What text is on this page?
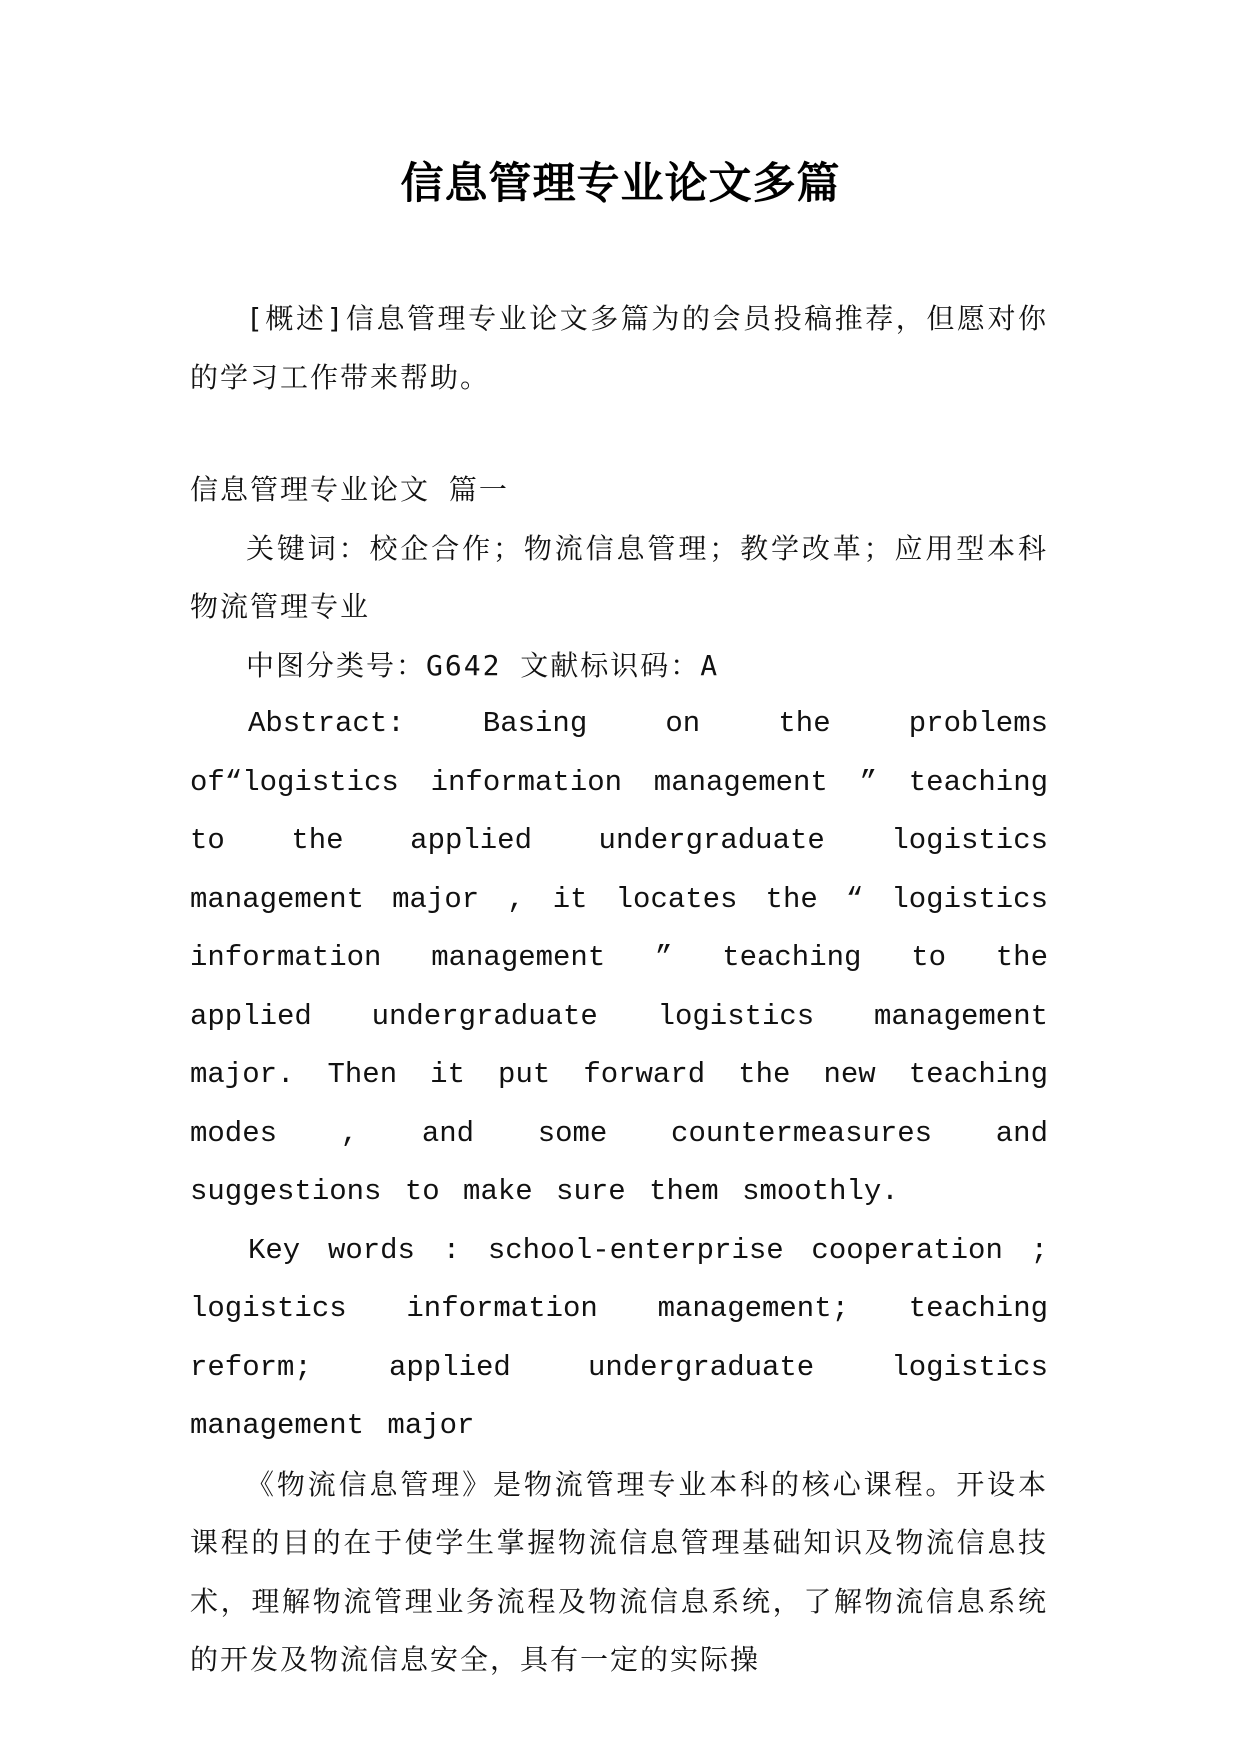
信息管理专业论文多篇

[概述]信息管理专业论文多篇为的会员投稿推荐，但愿对你的学习工作带来帮助。

信息管理专业论文 篇一

关键词：校企合作；物流信息管理；教学改革；应用型本科物流管理专业

中图分类号：G642 文献标识码：A

Abstract: Basing on the problems of“logistics information management ” teaching to the applied undergraduate logistics management major , it locates the “ logistics information management ” teaching to the applied undergraduate logistics management major. Then it put forward the new teaching modes , and some countermeasures and suggestions to make sure them smoothly.

Key words : school-enterprise cooperation ; logistics information management; teaching reform; applied undergraduate logistics management major

《物流信息管理》是物流管理专业本科的核心课程。开设本课程的目的在于使学生掌握物流信息管理基础知识及物流信息技术，理解物流管理业务流程及物流信息系统，了解物流信息系统的开发及物流信息安全，具有一定的实际操
